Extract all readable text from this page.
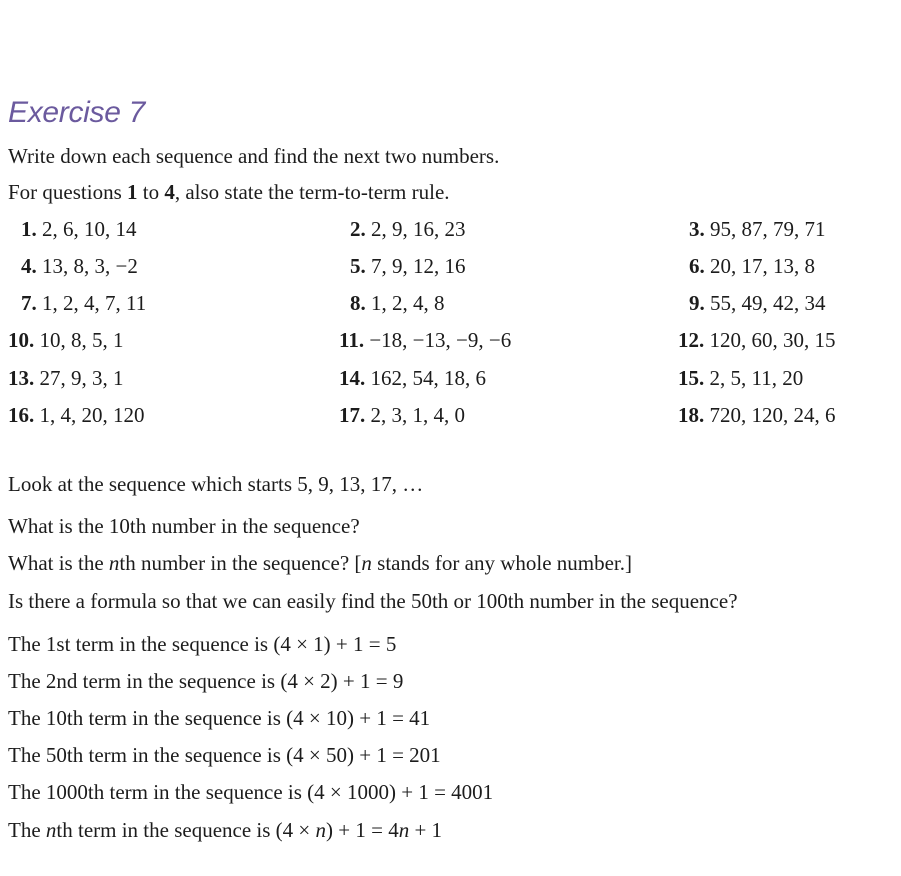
Exercise 7
Write down each sequence and find the next two numbers.
For questions 1 to 4, also state the term-to-term rule.
1. 2, 6, 10, 14	2. 2, 9, 16, 23	3. 95, 87, 79, 71
4. 13, 8, 3, −2	5. 7, 9, 12, 16	6. 20, 17, 13, 8
7. 1, 2, 4, 7, 11	8. 1, 2, 4, 8	9. 55, 49, 42, 34
10. 10, 8, 5, 1	11. −18, −13, −9, −6	12. 120, 60, 30, 15
13. 27, 9, 3, 1	14. 162, 54, 18, 6	15. 2, 5, 11, 20
16. 1, 4, 20, 120	17. 2, 3, 1, 4, 0	18. 720, 120, 24, 6
Look at the sequence which starts 5, 9, 13, 17, …
What is the 10th number in the sequence?
What is the nth number in the sequence? [n stands for any whole number.]
Is there a formula so that we can easily find the 50th or 100th number in the sequence?
The 1st term in the sequence is (4 × 1) + 1 = 5
The 2nd term in the sequence is (4 × 2) + 1 = 9
The 10th term in the sequence is (4 × 10) + 1 = 41
The 50th term in the sequence is (4 × 50) + 1 = 201
The 1000th term in the sequence is (4 × 1000) + 1 = 4001
The nth term in the sequence is (4 × n) + 1 = 4n + 1
